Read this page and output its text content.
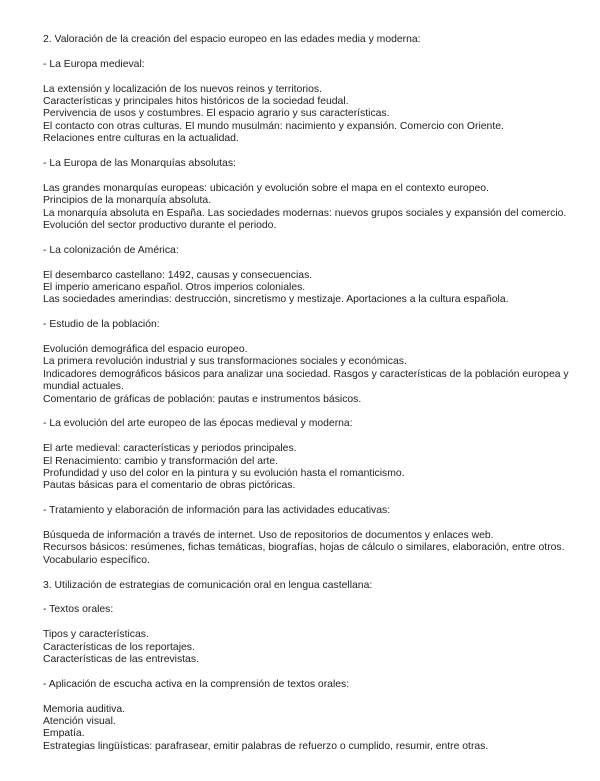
2. Valoración de la creación del espacio europeo en las edades media y moderna:

- La Europa medieval:

La extensión y localización de los nuevos reinos y territorios.
Características y principales hitos históricos de la sociedad feudal.
Pervivencia de usos y costumbres. El espacio agrario y sus características.
El contacto con otras culturas. El mundo musulmán: nacimiento y expansión. Comercio con Oriente.
Relaciones entre culturas en la actualidad.

- La Europa de las Monarquías absolutas:

Las grandes monarquías europeas: ubicación y evolución sobre el mapa en el contexto europeo.
Principios de la monarquía absoluta.
La monarquía absoluta en España. Las sociedades modernas: nuevos grupos sociales y expansión del comercio.
Evolución del sector productivo durante el periodo.

- La colonización de América:

El desembarco castellano: 1492, causas y consecuencias.
El imperio americano español. Otros imperios coloniales.
Las sociedades amerindias: destrucción, sincretismo y mestizaje. Aportaciones a la cultura española.

- Estudio de la población:

Evolución demográfica del espacio europeo.
La primera revolución industrial y sus transformaciones sociales y económicas.
Indicadores demográficos básicos para analizar una sociedad. Rasgos y características de la población europea y mundial actuales.
Comentario de gráficas de población: pautas e instrumentos básicos.

- La evolución del arte europeo de las épocas medieval y moderna:

El arte medieval: características y periodos principales.
El Renacimiento: cambio y transformación del arte.
Profundidad y uso del color en la pintura y su evolución hasta el romanticismo.
Pautas básicas para el comentario de obras pictóricas.

- Tratamiento y elaboración de información para las actividades educativas:

Búsqueda de información a través de internet. Uso de repositorios de documentos y enlaces web.
Recursos básicos: resúmenes, fichas temáticas, biografías, hojas de cálculo o similares, elaboración, entre otros.
Vocabulario específico.

3. Utilización de estrategias de comunicación oral en lengua castellana:

- Textos orales:

Tipos y características.
Características de los reportajes.
Características de las entrevistas.

- Aplicación de escucha activa en la comprensión de textos orales:

Memoria auditiva.
Atención visual.
Empatía.
Estrategias lingüísticas: parafrasear, emitir palabras de refuerzo o cumplido, resumir, entre otras.
